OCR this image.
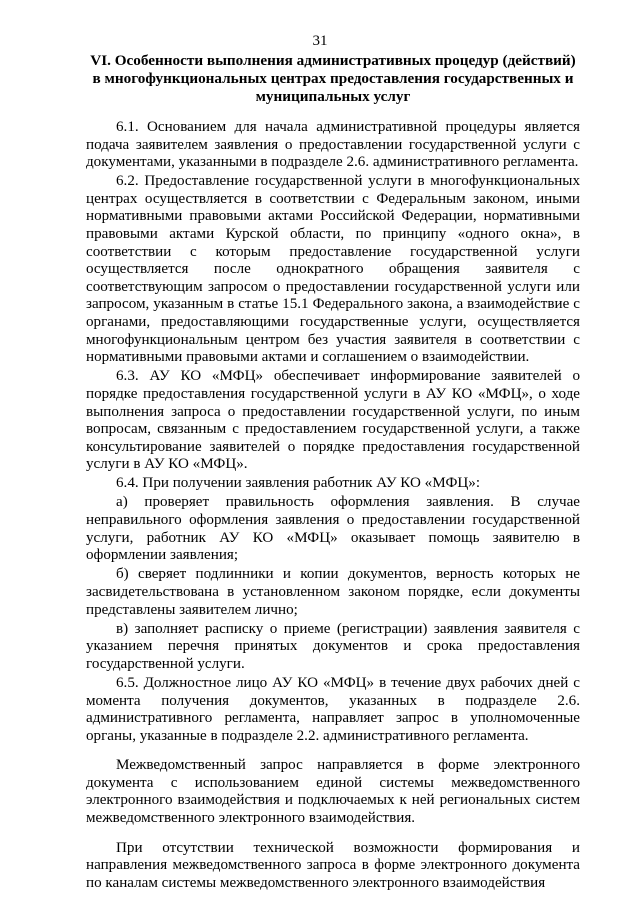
31
VI. Особенности выполнения административных процедур (действий) в многофункциональных центрах предоставления государственных и муниципальных услуг

6.1. Основанием для начала административной процедуры является подача заявителем заявления о предоставлении государственной услуги с документами, указанными в подразделе 2.6. административного регламента.

6.2. Предоставление государственной услуги в многофункциональных центрах осуществляется в соответствии с Федеральным законом, иными нормативными правовыми актами Российской Федерации, нормативными правовыми актами Курской области, по принципу «одного окна», в соответствии с которым предоставление государственной услуги осуществляется после однократного обращения заявителя с соответствующим запросом о предоставлении государственной услуги или запросом, указанным в статье 15.1 Федерального закона, а взаимодействие с органами, предоставляющими государственные услуги, осуществляется многофункциональным центром без участия заявителя в соответствии с нормативными правовыми актами и соглашением о взаимодействии.

6.3. АУ КО «МФЦ» обеспечивает информирование заявителей о порядке предоставления государственной услуги в АУ КО «МФЦ», о ходе выполнения запроса о предоставлении государственной услуги, по иным вопросам, связанным с предоставлением государственной услуги, а также консультирование заявителей о порядке предоставления государственной услуги в АУ КО «МФЦ».

6.4. При получении заявления работник АУ КО «МФЦ»:

а) проверяет правильность оформления заявления. В случае неправильного оформления заявления о предоставлении государственной услуги, работник АУ КО «МФЦ» оказывает помощь заявителю в оформлении заявления;

б) сверяет подлинники и копии документов, верность которых не засвидетельствована в установленном законом порядке, если документы представлены заявителем лично;

в) заполняет расписку о приеме (регистрации) заявления заявителя с указанием перечня принятых документов и срока предоставления государственной услуги.

6.5. Должностное лицо АУ КО «МФЦ» в течение двух рабочих дней с момента получения документов, указанных в подразделе 2.6. административного регламента, направляет запрос в уполномоченные органы, указанные в подразделе 2.2. административного регламента.

Межведомственный запрос направляется в форме электронного документа с использованием единой системы межведомственного электронного взаимодействия и подключаемых к ней региональных систем межведомственного электронного взаимодействия.

При отсутствии технической возможности формирования и направления межведомственного запроса в форме электронного документа по каналам системы межведомственного электронного взаимодействия
